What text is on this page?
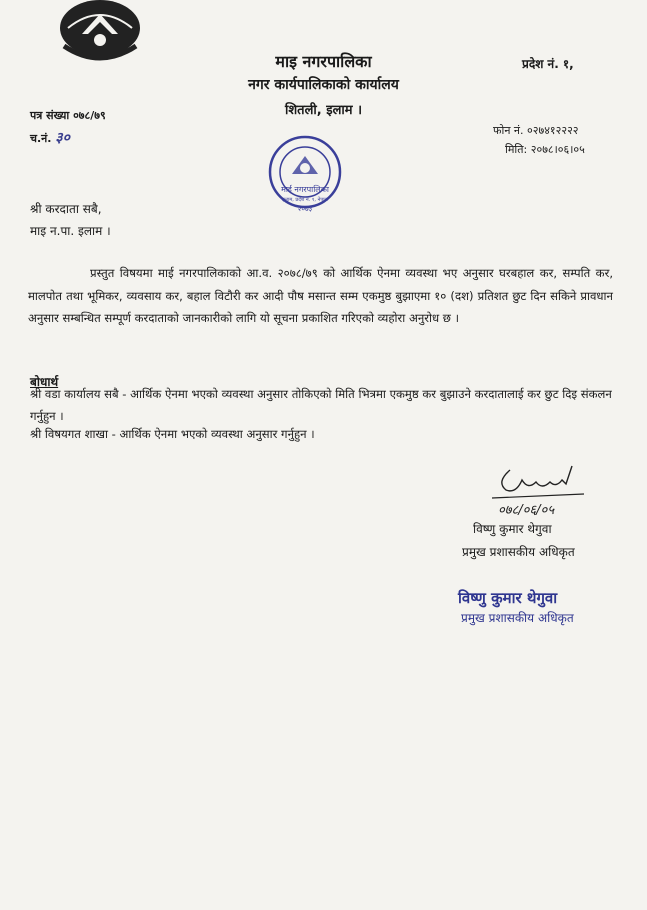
माइ नगरपालिका
नगर कार्यपालिकाको कार्यालय
शितली, इलाम ।
प्रदेश नं. १,
पत्र संख्या ०७८/७९
च.नं. ३०	फोन नं. ०२७४१२२२२
मिति: २०७८।०६।०५
माई नगरपालिका
इलाम, प्रदेश नं. १, नेपाल
२०७३
श्री करदाता सबै,
माइ न.पा. इलाम ।
प्रस्तुत विषयमा माई नगरपालिकाको आ.व. २०७८/७९ को आर्थिक ऐनमा व्यवस्था भए अनुसार घरबहाल कर, सम्पति कर, मालपोत तथा भूमिकर, व्यवसाय कर, बहाल विटौरी कर आदी पौष मसान्त सम्म एकमुष्ठ बुझाएमा १० (दश) प्रतिशत छुट दिन सकिने प्रावधान अनुसार सम्बन्धित सम्पूर्ण करदाताको जानकारीको लागि यो सूचना प्रकाशित गरिएको व्यहोरा अनुरोध छ ।
बोधार्थ
श्री वडा कार्यालय सबै - आर्थिक ऐनमा भएको व्यवस्था अनुसार तोकिएको मिति भित्रमा एकमुष्ठ कर बुझाउने करदातालाई कर छुट दिइ संकलन गर्नुहुन ।
श्री विषयगत शाखा - आर्थिक ऐनमा भएको व्यवस्था अनुसार गर्नुहुन ।
०७८/०६/०५
विष्णु कुमार थेगुवा
प्रमुख प्रशासकीय अधिकृत
विष्णु कुमार थेगुवा
प्रमुख प्रशासकीय अधिकृत
